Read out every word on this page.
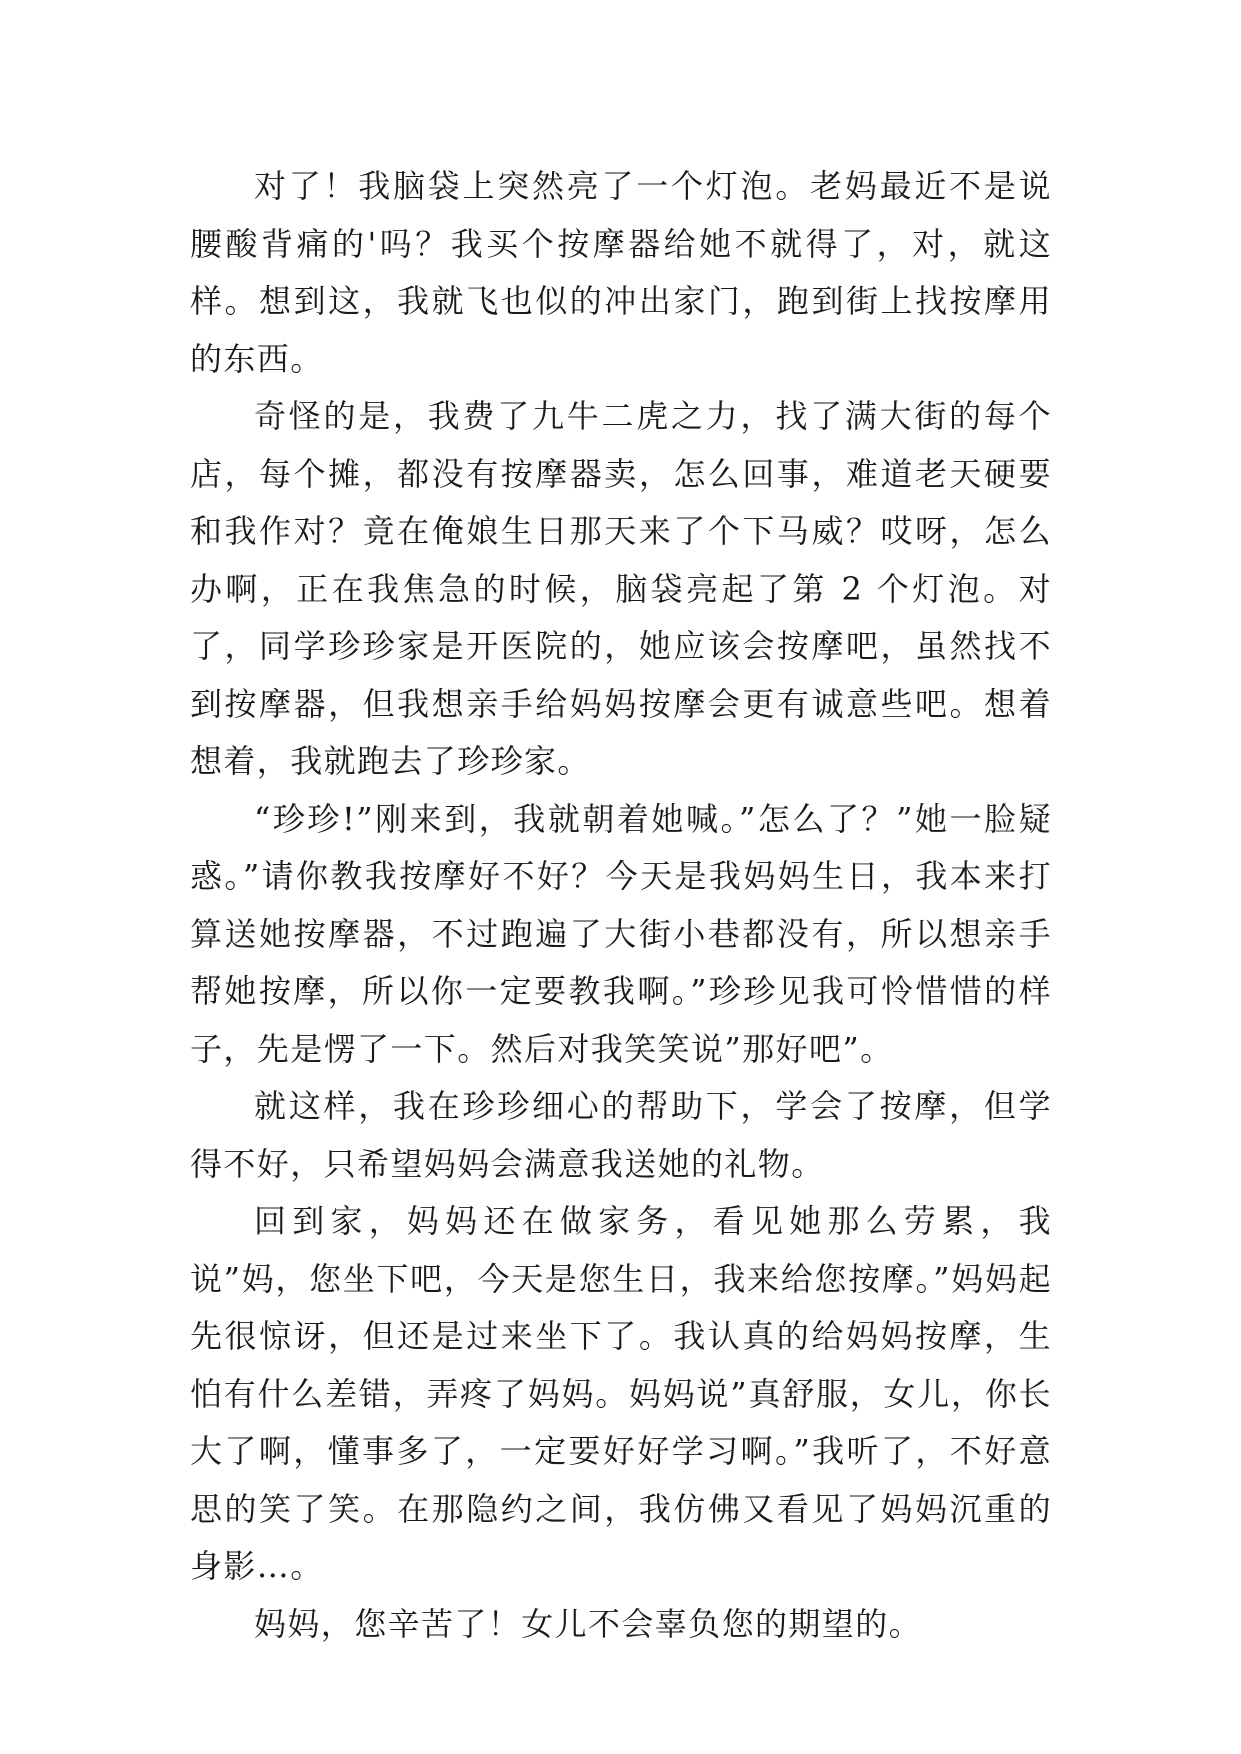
对了！我脑袋上突然亮了一个灯泡。老妈最近不是说腰酸背痛的'吗？我买个按摩器给她不就得了，对，就这样。想到这，我就飞也似的冲出家门，跑到街上找按摩用的东西。

奇怪的是，我费了九牛二虎之力，找了满大街的每个店，每个摊，都没有按摩器卖，怎么回事，难道老天硬要和我作对？竟在俺娘生日那天来了个下马威？哎呀，怎么办啊，正在我焦急的时候，脑袋亮起了第 2 个灯泡。对了，同学珍珍家是开医院的，她应该会按摩吧，虽然找不到按摩器，但我想亲手给妈妈按摩会更有诚意些吧。想着想着，我就跑去了珍珍家。

“珍珍!”刚来到，我就朝着她喊。”怎么了？”她一脸疑惑。”请你教我按摩好不好？今天是我妈妈生日，我本来打算送她按摩器，不过跑遍了大街小巷都没有，所以想亲手帮她按摩，所以你一定要教我啊。”珍珍见我可怜惜惜的样子，先是愣了一下。然后对我笑笑说”那好吧”。

就这样，我在珍珍细心的帮助下，学会了按摩，但学得不好，只希望妈妈会满意我送她的礼物。

回到家，妈妈还在做家务，看见她那么劳累，我说”妈，您坐下吧，今天是您生日，我来给您按摩。”妈妈起先很惊讶，但还是过来坐下了。我认真的给妈妈按摩，生怕有什么差错，弄疼了妈妈。妈妈说”真舒服，女儿，你长大了啊，懂事多了，一定要好好学习啊。”我听了，不好意思的笑了笑。在那隐约之间，我仿佛又看见了妈妈沉重的身影…。

妈妈，您辛苦了！女儿不会辜负您的期望的。
